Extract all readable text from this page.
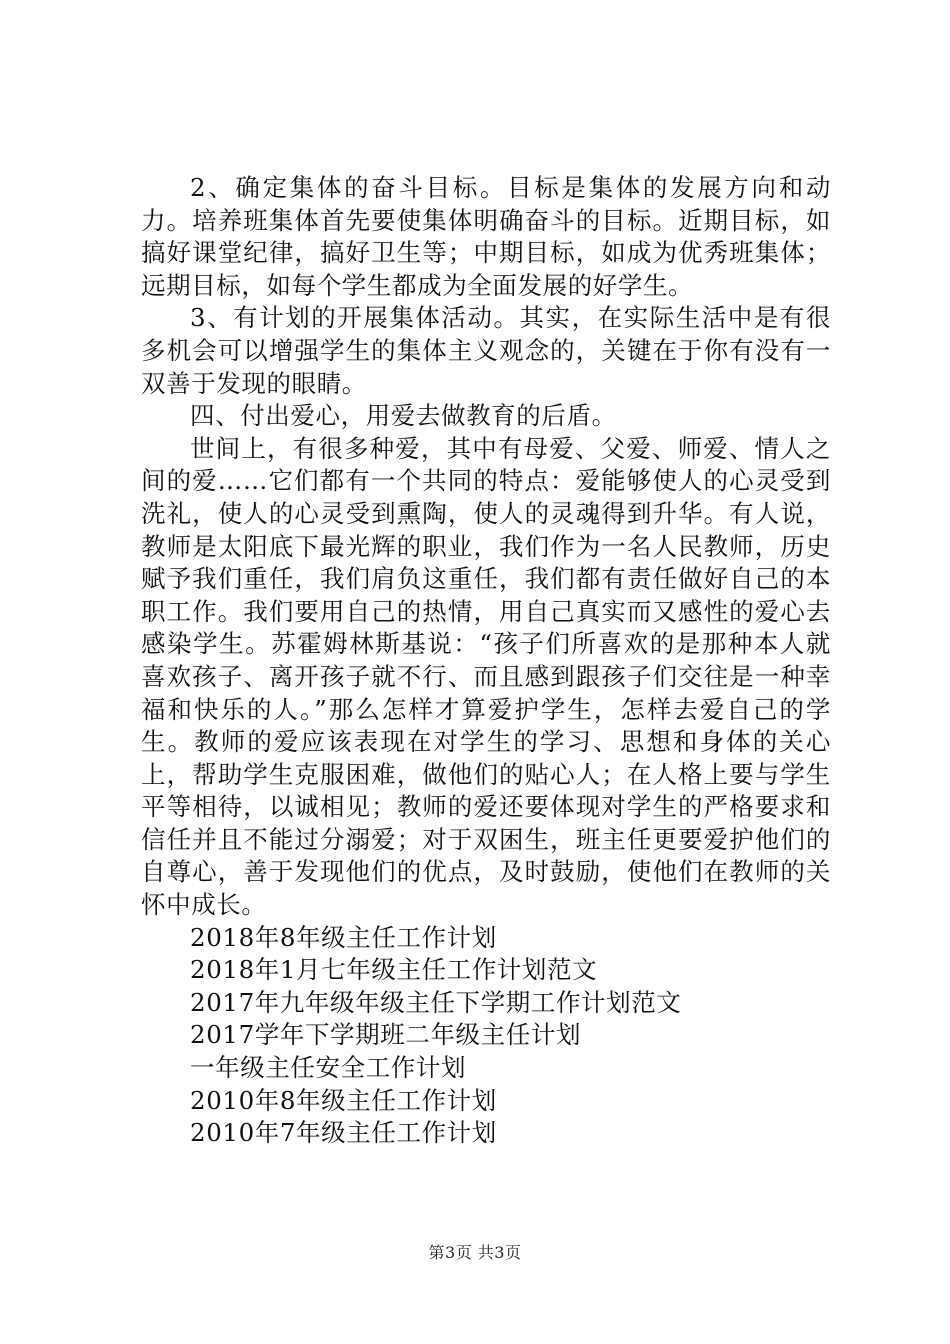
2、确定集体的奋斗目标。目标是集体的发展方向和动力。培养班集体首先要使集体明确奋斗的目标。近期目标，如搞好课堂纪律，搞好卫生等；中期目标，如成为优秀班集体；远期目标，如每个学生都成为全面发展的好学生。

3、有计划的开展集体活动。其实，在实际生活中是有很多机会可以增强学生的集体主义观念的，关键在于你有没有一双善于发现的眼睛。

四、付出爱心，用爱去做教育的后盾。

世间上，有很多种爱，其中有母爱、父爱、师爱、情人之间的爱……它们都有一个共同的特点：爱能够使人的心灵受到洗礼，使人的心灵受到熏陶，使人的灵魂得到升华。有人说，教师是太阳底下最光辉的职业，我们作为一名人民教师，历史赋予我们重任，我们肩负这重任，我们都有责任做好自己的本职工作。我们要用自己的热情，用自己真实而又感性的爱心去感染学生。苏霍姆林斯基说：“孩子们所喜欢的是那种本人就喜欢孩子、离开孩子就不行、而且感到跟孩子们交往是一种幸福和快乐的人。”那么怎样才算爱护学生，怎样去爱自己的学生。教师的爱应该表现在对学生的学习、思想和身体的关心上，帮助学生克服困难，做他们的贴心人；在人格上要与学生平等相待，以诚相见；教师的爱还要体现对学生的严格要求和信任并且不能过分溺爱；对于双困生，班主任更要爱护他们的自尊心，善于发现他们的优点，及时鼓励，使他们在教师的关怀中成长。

2018年8年级主任工作计划
2018年1月七年级主任工作计划范文
2017年九年级年级主任下学期工作计划范文
2017学年下学期班二年级主任计划
一年级主任安全工作计划
2010年8年级主任工作计划
2010年7年级主任工作计划
第3页 共3页
